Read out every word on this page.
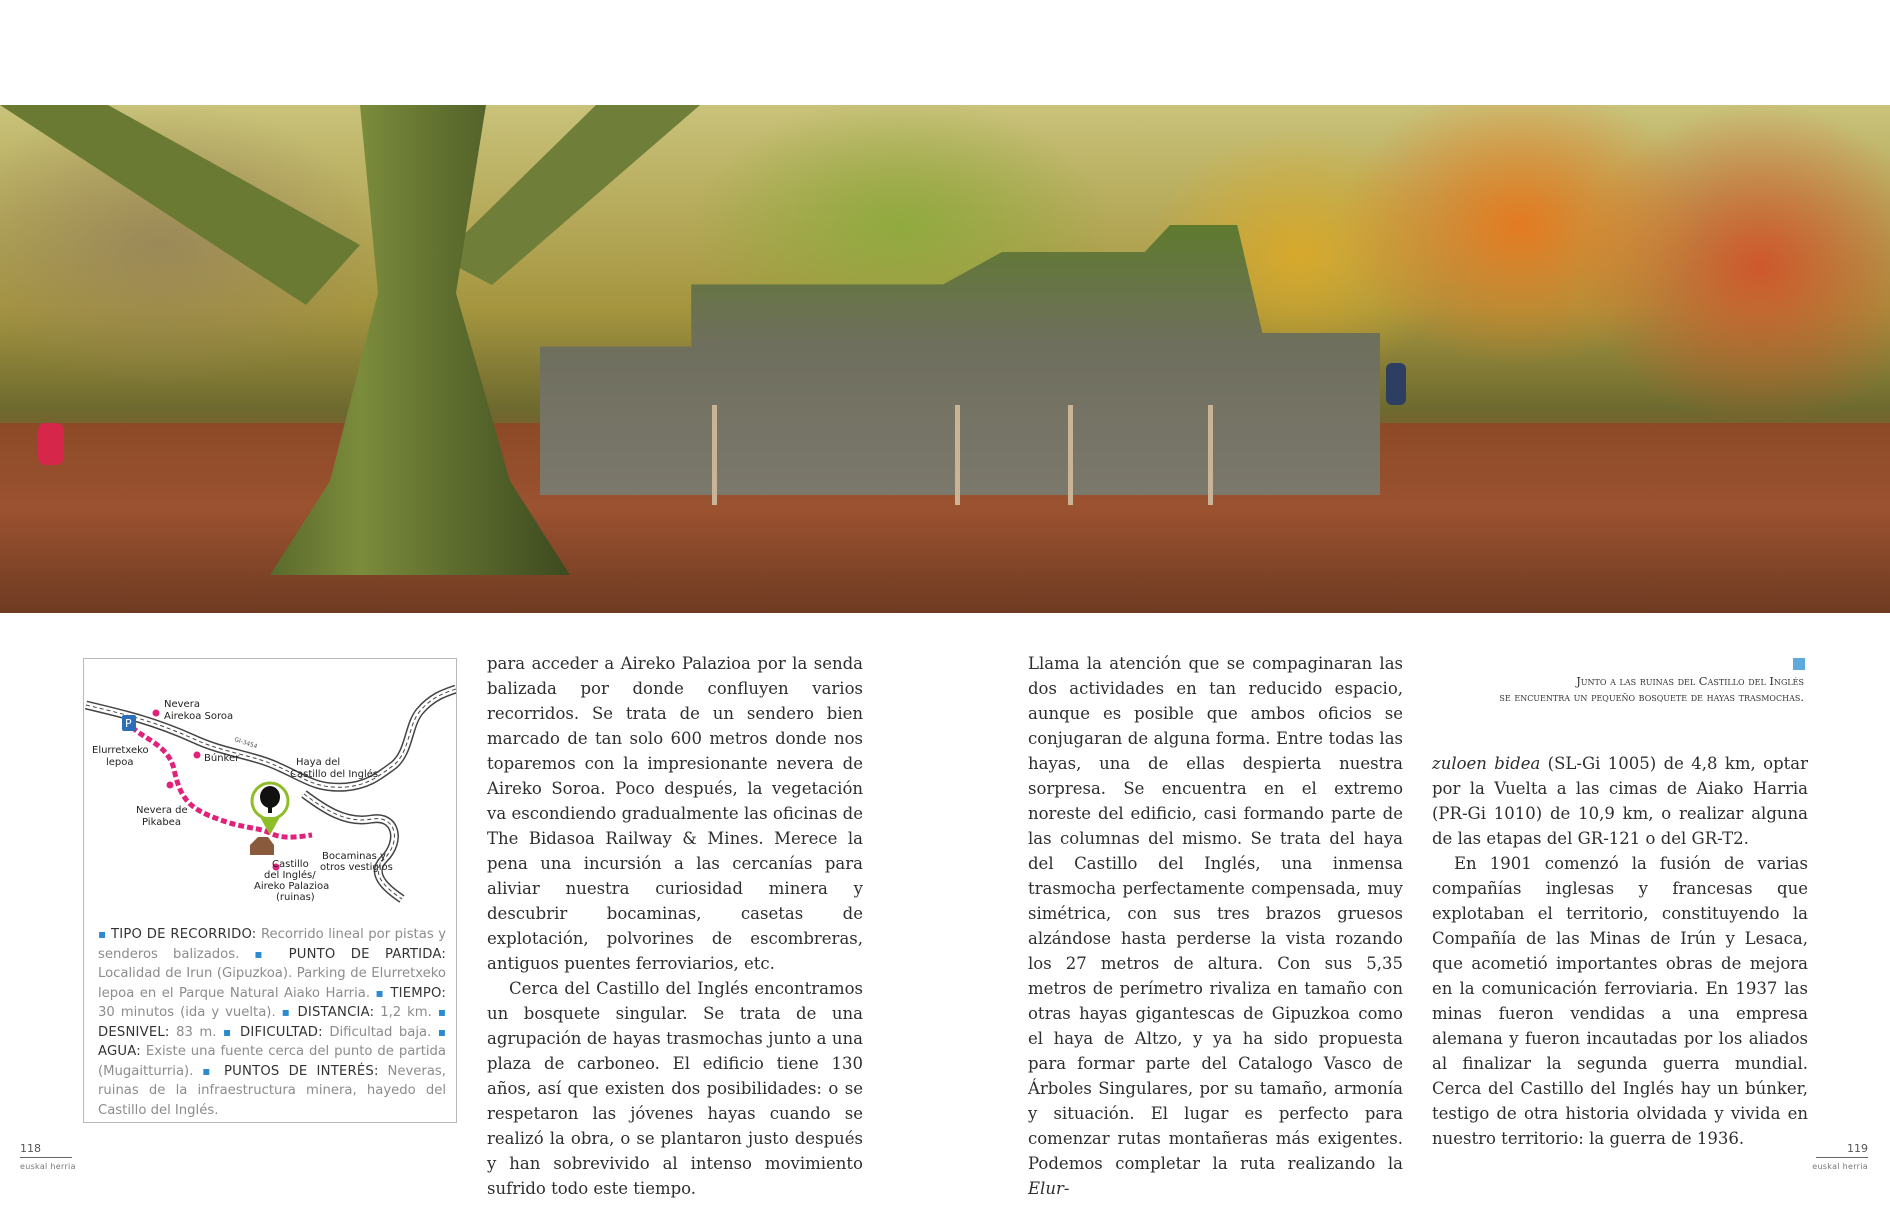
GI-3454
P
Nevera Airekoa Soroa
Elurretxeko lepoa	Búnker	Haya del Castillo del Inglés
Nevera de Pikabea
Castillo del Inglés/ Aireko Palazioa (ruinas)
Bocaminas y otros vestigios
▪ TIPO DE RECORRIDO: Recorrido lineal por pistas y senderos balizados. ▪ PUNTO DE PARTIDA: Localidad de Irun (Gipuzkoa). Parking de Elurretxeko lepoa en el Parque Natural Aiako Harria. ▪ TIEMPO: 30 minutos (ida y vuelta). ▪ DISTANCIA: 1,2 km. ▪ DESNIVEL: 83 m. ▪ DIFICULTAD: Dificultad baja. ▪ AGUA: Existe una fuente cerca del punto de partida (Mugaitturria). ▪ PUNTOS DE INTERÉS: Neveras, ruinas de la infraestructura minera, hayedo del Castillo del Inglés.

para acceder a Aireko Palazioa por la senda balizada por donde confluyen varios recorridos. Se trata de un sendero bien marcado de tan solo 600 metros donde nos toparemos con la impresionante nevera de Aireko Soroa. Poco después, la vegetación va escondiendo gradualmente las oficinas de The Bidasoa Railway & Mines. Merece la pena una incursión a las cercanías para aliviar nuestra curiosidad minera y descubrir bocaminas, casetas de explotación, polvorines de escombreras, antiguos puentes ferroviarios, etc.

Cerca del Castillo del Inglés encontramos un bosquete singular. Se trata de una agrupación de hayas trasmochas junto a una plaza de carboneo. El edificio tiene 130 años, así que existen dos posibilidades: o se respetaron las jóvenes hayas cuando se realizó la obra, o se plantaron justo después y han sobrevivido al intenso movimiento sufrido todo este tiempo.

Llama la atención que se compaginaran las dos actividades en tan reducido espacio, aunque es posible que ambos oficios se conjugaran de alguna forma. Entre todas las hayas, una de ellas despierta nuestra sorpresa. Se encuentra en el extremo noreste del edificio, casi formando parte de las columnas del mismo. Se trata del haya del Castillo del Inglés, una inmensa trasmocha perfectamente compensada, muy simétrica, con sus tres brazos gruesos alzándose hasta perderse la vista rozando los 27 metros de altura. Con sus 5,35 metros de perímetro rivaliza en tamaño con otras hayas gigantescas de Gipuzkoa como el haya de Altzo, y ya ha sido propuesta para formar parte del Catalogo Vasco de Árboles Singulares, por su tamaño, armonía y situación. El lugar es perfecto para comenzar rutas montañeras más exigentes. Podemos completar la ruta realizando la Elur-

Junto a las ruinas del Castillo del Inglés
se encuentra un pequeño bosquete de hayas trasmochas.

zuloen bidea (SL-Gi 1005) de 4,8 km, optar por la Vuelta a las cimas de Aiako Harria (PR-Gi 1010) de 10,9 km, o realizar alguna de las etapas del GR-121 o del GR-T2.

En 1901 comenzó la fusión de varias compañías inglesas y francesas que explotaban el territorio, constituyendo la Compañía de las Minas de Irún y Lesaca, que acometió importantes obras de mejora en la comunicación ferroviaria. En 1937 las minas fueron vendidas a una empresa alemana y fueron incautadas por los aliados al finalizar la segunda guerra mundial. Cerca del Castillo del Inglés hay un búnker, testigo de otra historia olvidada y vivida en nuestro territorio: la guerra de 1936.

118
euskal herria
119
euskal herria
